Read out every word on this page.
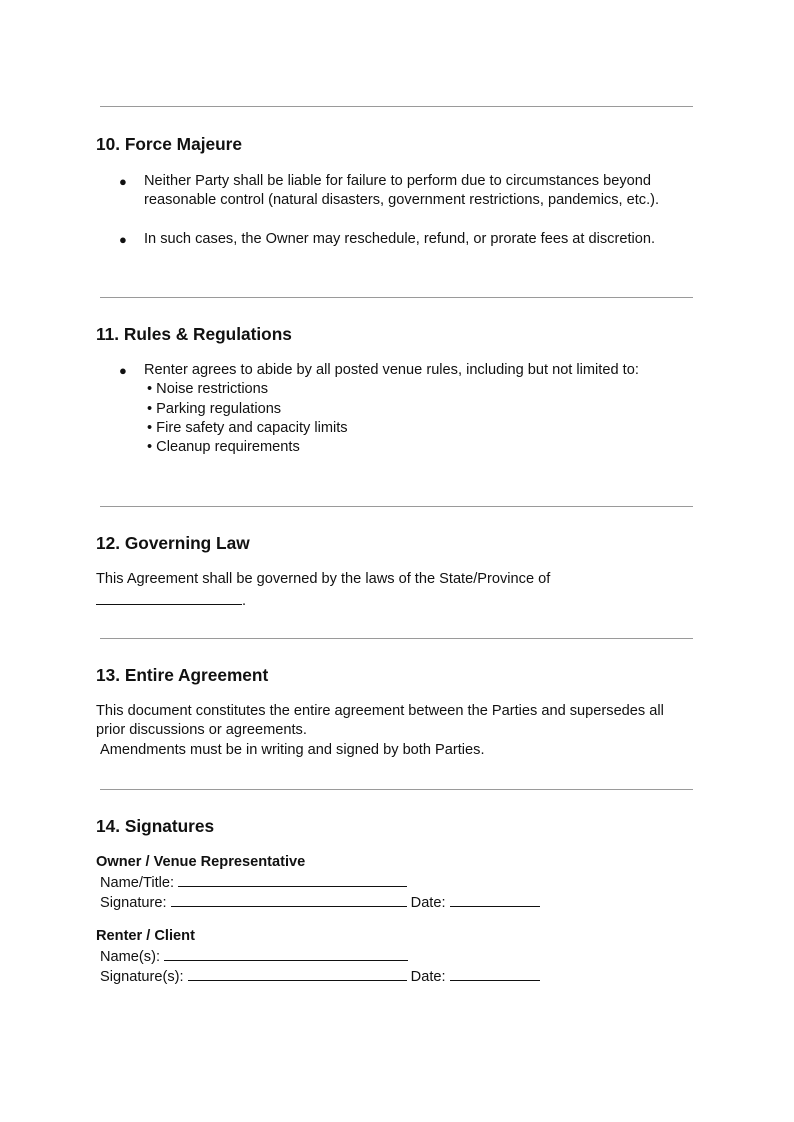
10. Force Majeure
● Neither Party shall be liable for failure to perform due to circumstances beyond

reasonable control (natural disasters, government restrictions, pandemics, etc.).

● In such cases, the Owner may reschedule, refund, or prorate fees at discretion.

11. Rules & Regulations
● Renter agrees to abide by all posted venue rules, including but not limited to:

• Noise restrictions
• Parking regulations
• Fire safety and capacity limits
• Cleanup requirements
12. Governing Law

This Agreement shall be governed by the laws of the State/Province of

.

13. Entire Agreement

This document constitutes the entire agreement between the Parties and supersedes all

prior discussions or agreements.

Amendments must be in writing and signed by both Parties.

14. Signatures

Owner / Venue Representative

Name/Title:

Signature:	Date:

Renter / Client

Name(s):

Signature(s):	Date:
